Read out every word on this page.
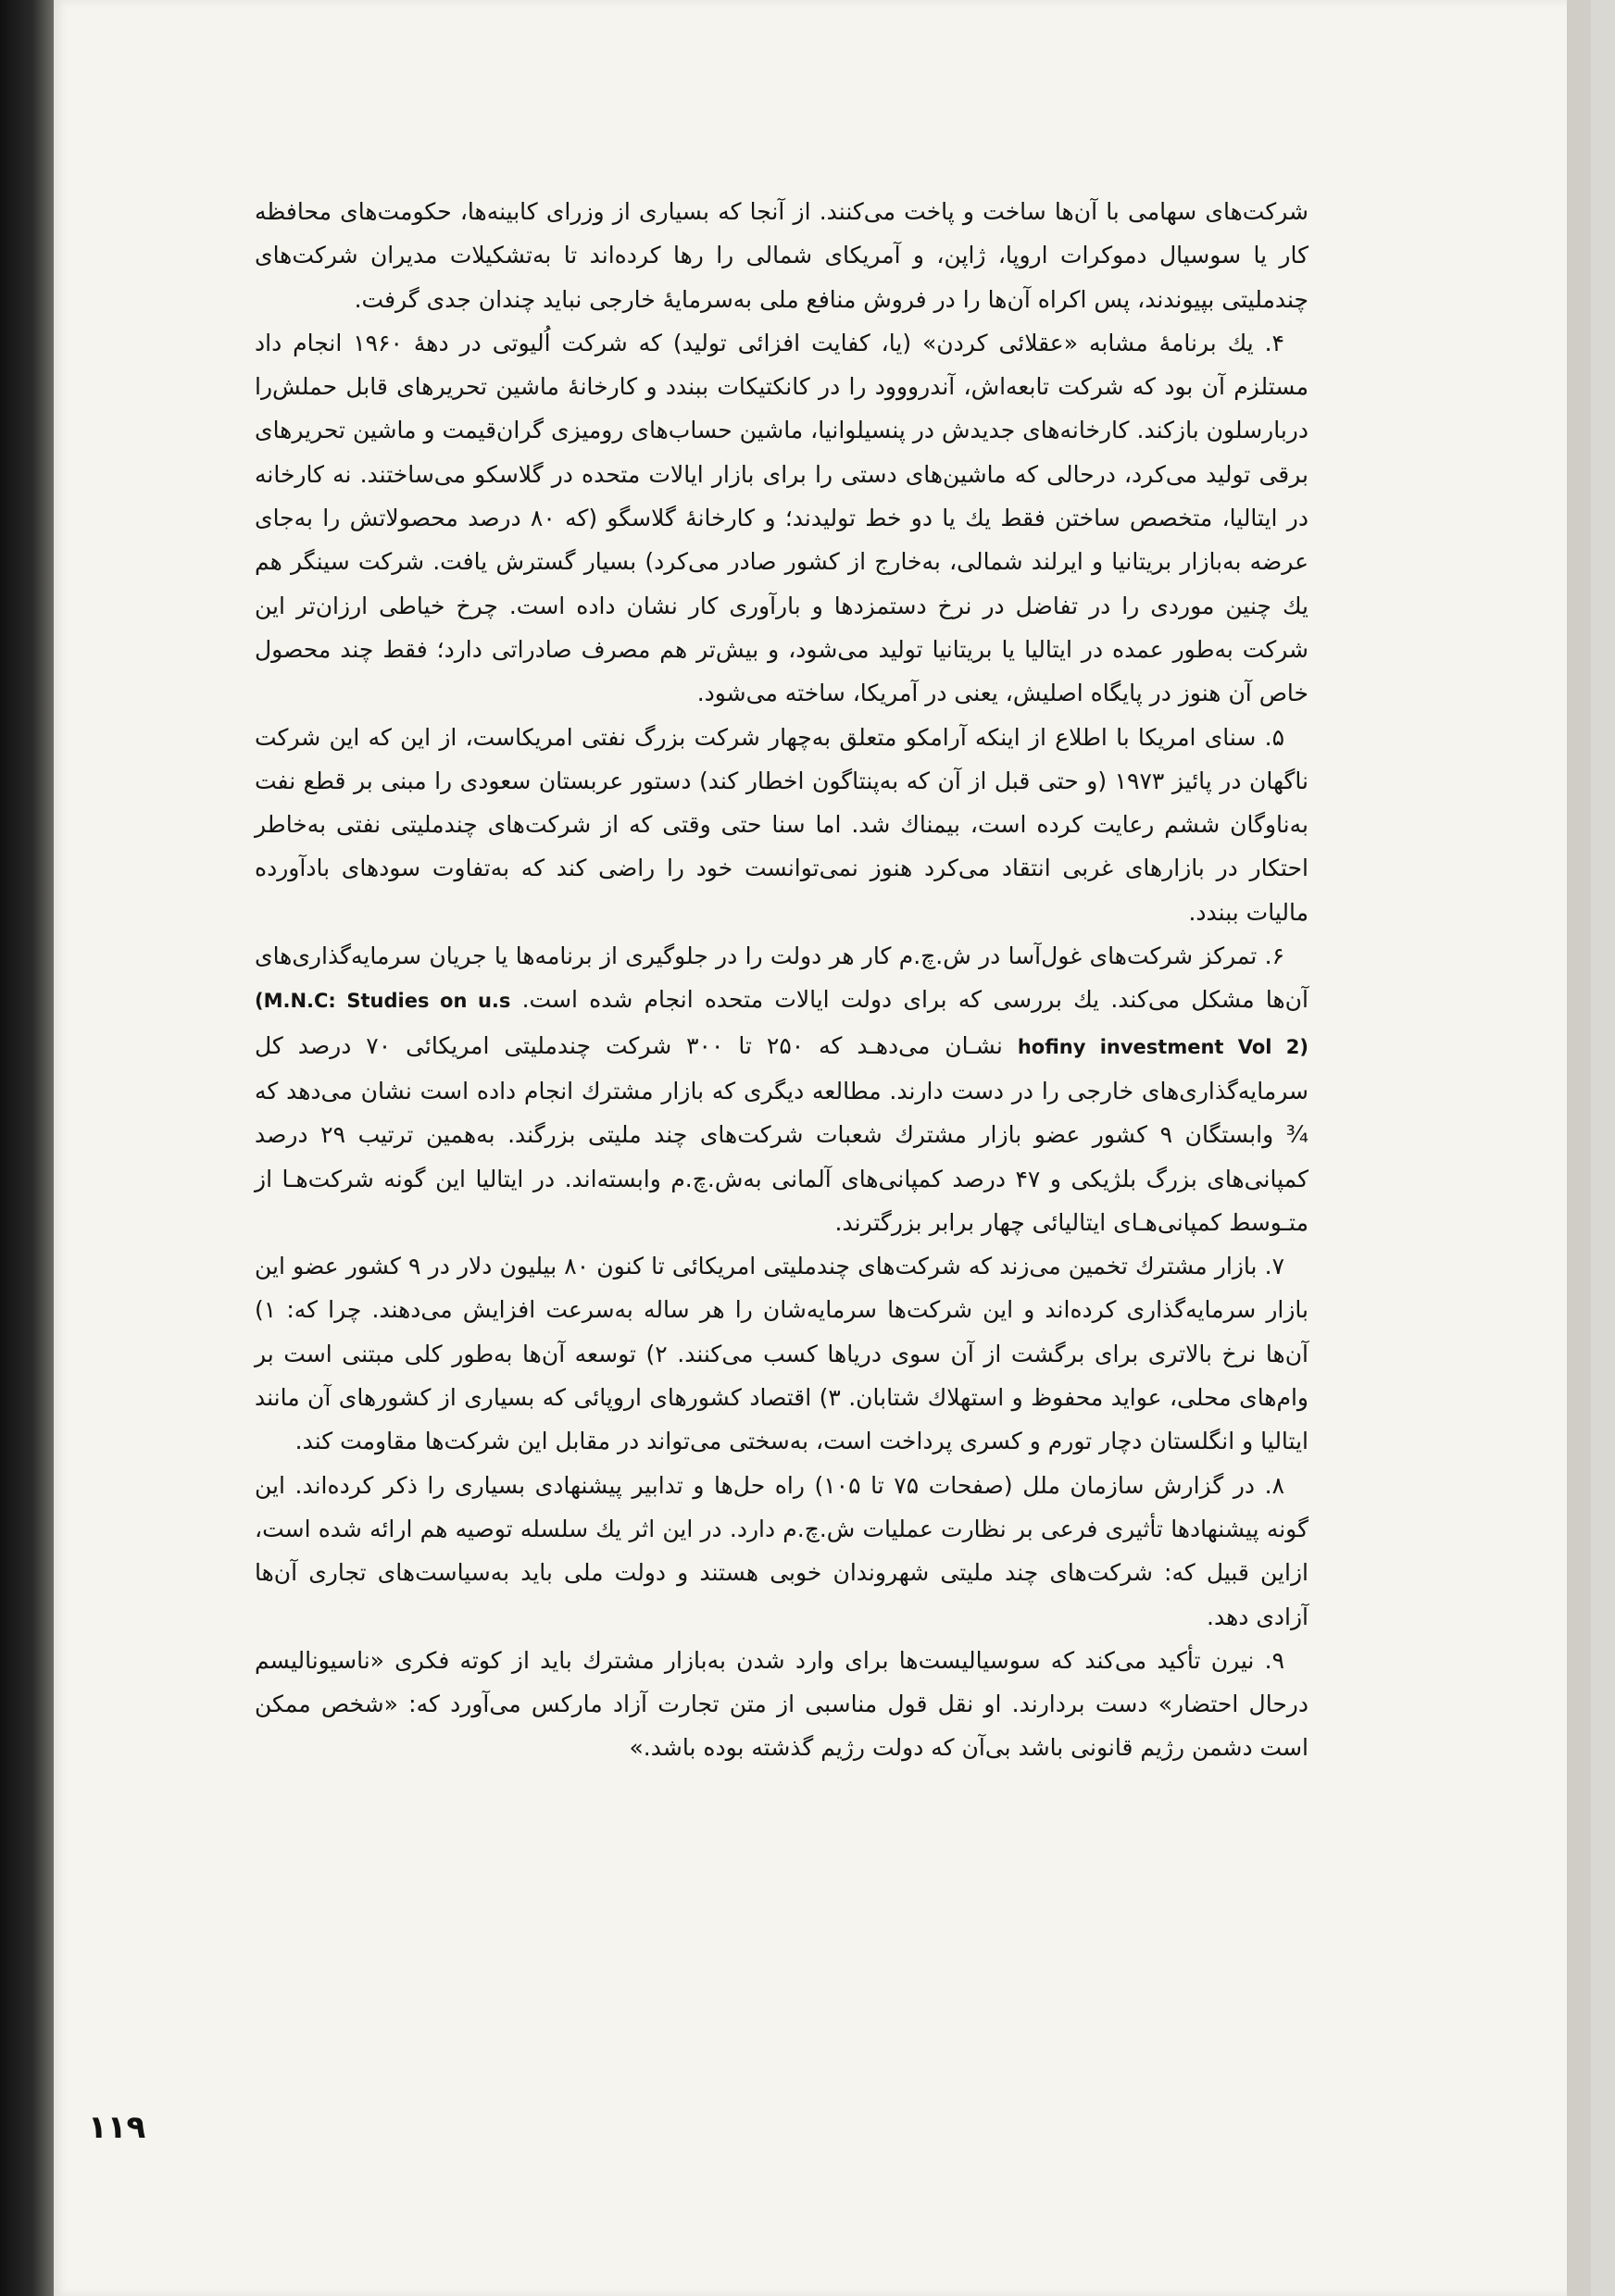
شرکت‌های سهامی با آن‌ها ساخت و پاخت می‌کنند. از آنجا که بسیاری از وزرای کابینه‌ها، حکومت‌های محافظه کار یا سوسیال دموکرات اروپا، ژاپن، و آمریکای شمالی را رها کرده‌اند تا به‌تشکیلات مدیران شرکت‌های چندملیتی بپیوندند، پس اکراه آن‌ها را در فروش منافع ملی به‌سرمایهٔ خارجی نباید چندان جدی گرفت.

۴. یك برنامهٔ مشابه «عقلائی کردن» (یا، کفایت افزائی تولید) که شرکت اُلیوتی در دههٔ ۱۹۶۰ انجام داد مستلزم آن بود که شرکت تابعه‌اش، آندرووود را در کانکتیکات ببندد و کارخانهٔ ماشین تحریرهای قابل حملش‌را دربارسلون بازکند. کارخانه‌های جدیدش در پنسیلوانیا، ماشین حساب‌های رومیزی گران‌قیمت و ماشین تحریرهای برقی تولید می‌کرد، درحالی که ماشین‌های دستی را برای بازار ایالات متحده در گلاسکو می‌ساختند. نه کارخانه در ایتالیا، متخصص ساختن فقط یك یا دو خط تولیدند؛ و کارخانهٔ گلاسگو (که ۸۰ درصد محصولاتش را به‌جای عرضه به‌بازار بریتانیا و ایرلند شمالی، به‌خارج از کشور صادر می‌کرد) بسیار گسترش یافت. شرکت سینگر هم یك چنین موردی را در تفاضل در نرخ دستمزدها و بارآوری کار نشان داده است. چرخ خیاطی ارزان‌تر این شرکت به‌طور عمده در ایتالیا یا بریتانیا تولید می‌شود، و بیش‌تر هم مصرف صادراتی دارد؛ فقط چند محصول خاص آن هنوز در پایگاه اصلیش، یعنی در آمریکا، ساخته می‌شود.

۵. سنای امریکا با اطلاع از اینکه آرامکو متعلق به‌چهار شرکت بزرگ نفتی امریکاست، از این که این شرکت ناگهان در پائیز ۱۹۷۳ (و حتی قبل از آن که به‌پنتاگون اخطار کند) دستور عربستان سعودی را مبنی بر قطع نفت به‌ناوگان ششم رعایت کرده است، بیمناك شد. اما سنا حتی وقتی که از شرکت‌های چندملیتی نفتی به‌خاطر احتکار در بازارهای غربی انتقاد می‌کرد هنوز نمی‌توانست خود را راضی کند که به‌تفاوت سودهای بادآورده مالیات ببندد.

۶. تمرکز شرکت‌های غول‌آسا در ش.چ.م کار هر دولت را در جلوگیری از برنامه‌ها یا جریان سرمایه‌گذاری‌های آن‌ها مشکل می‌کند. یك بررسی که برای دولت ایالات متحده انجام شده است. (M.N.C: Studies on u.s hofiny investment Vol 2) نشـان می‌دهـد که ۲۵۰ تا ۳۰۰ شرکت چندملیتی امریکائی ۷۰ درصد کل سرمایه‌گذاری‌های خارجی را در دست دارند. مطالعه دیگری که بازار مشترك انجام داده است نشان می‌دهد که ¾ وابستگان ۹ کشور عضو بازار مشترك شعبات شرکت‌های چند ملیتی بزرگند. به‌همین ترتیب ۲۹ درصد کمپانی‌های بزرگ بلژیکی و ۴۷ درصد کمپانی‌های آلمانی به‌ش.چ.م وابسته‌اند. در ایتالیا این گونه شرکت‌هـا از متـوسط کمپانی‌هـای ایتالیائی چهار برابر بزرگترند.

۷. بازار مشترك تخمین می‌زند که شرکت‌های چندملیتی امریکائی تا کنون ۸۰ بیلیون دلار در ۹ کشور عضو این بازار سرمایه‌گذاری کرده‌اند و این شرکت‌ها سرمایه‌شان را هر ساله به‌سرعت افزایش می‌دهند. چرا که: ۱) آن‌ها نرخ بالاتری برای برگشت از آن سوی دریاها کسب می‌کنند. ۲) توسعه آن‌ها به‌طور کلی مبتنی است بر وام‌های محلی، عواید محفوظ و استهلاك شتابان. ۳) اقتصاد کشورهای اروپائی که بسیاری از کشورهای آن مانند ایتالیا و انگلستان دچار تورم و کسری پرداخت است، به‌سختی می‌تواند در مقابل این شرکت‌ها مقاومت کند.

۸. در گزارش سازمان ملل (صفحات ۷۵ تا ۱۰۵) راه حل‌ها و تدابیر پیشنهادی بسیاری را ذکر کرده‌اند. این گونه پیشنهادها تأثیری فرعی بر نظارت عملیات ش.چ.م دارد. در این اثر یك سلسله توصیه هم ارائه شده است، ازاین قبیل که: شرکت‌های چند ملیتی شهروندان خوبی هستند و دولت ملی باید به‌سیاست‌های تجاری آن‌ها آزادی دهد.

۹. نیرن تأکید می‌کند که سوسیالیست‌ها برای وارد شدن به‌بازار مشترك باید از کوته فکری «ناسیونالیسم درحال احتضار» دست بردارند. او نقل قول مناسبی از متن تجارت آزاد مارکس می‌آورد که: «شخص ممکن است دشمن رژیم قانونی باشد بی‌آن که دولت رژیم گذشته بوده باشد.»

۱۱۹
